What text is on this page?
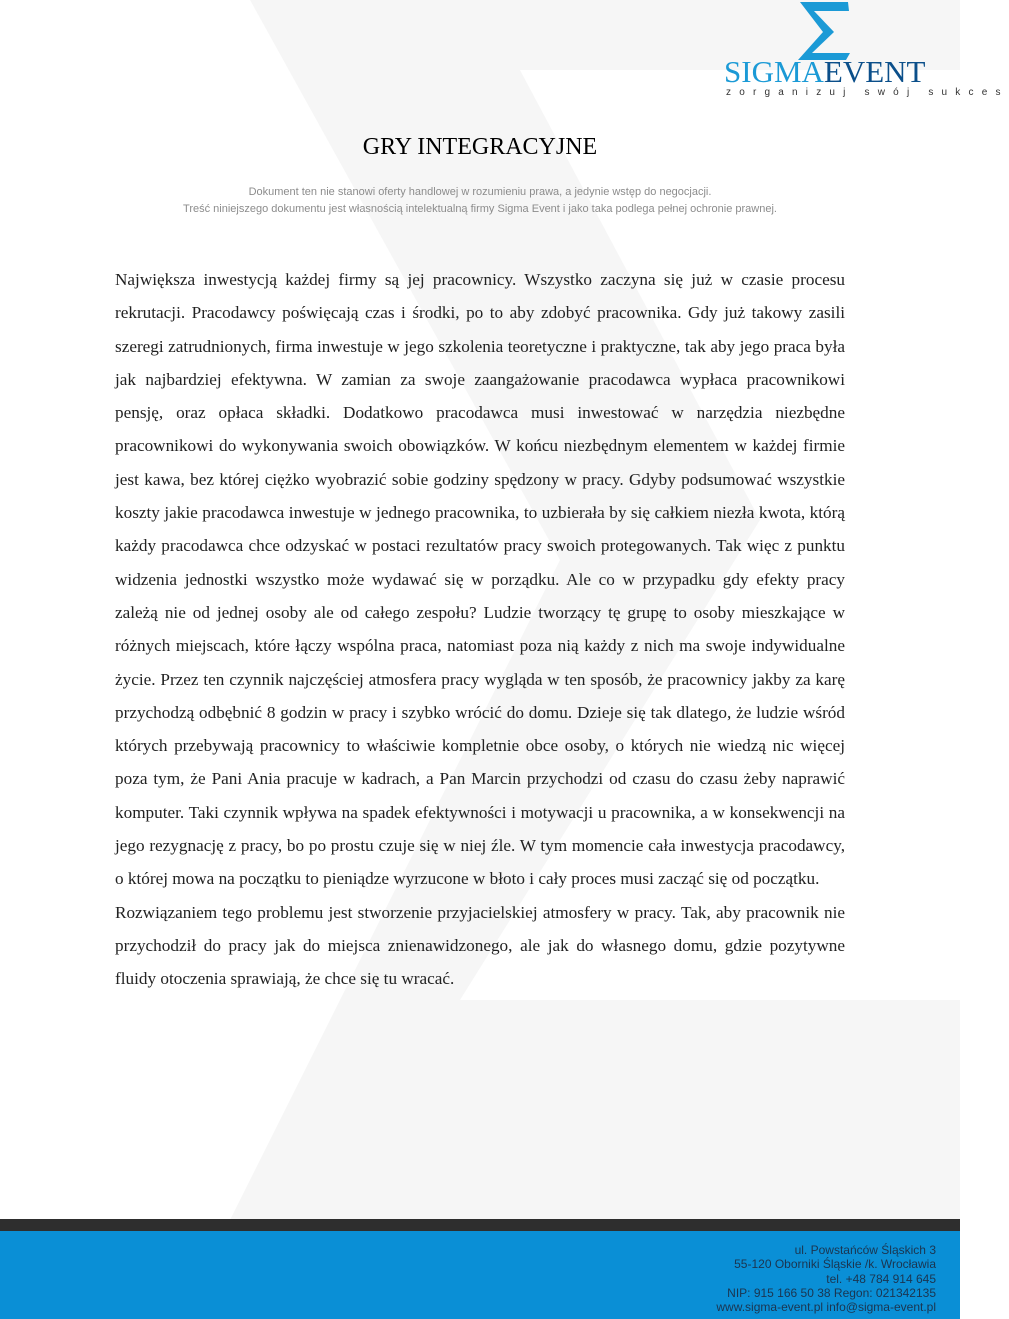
SIGMAEVENT
zorganizuj swój sukces
GRY INTEGRACYJNE
Dokument ten nie stanowi oferty handlowej w rozumieniu prawa, a jedynie wstęp do negocjacji.
Treść niniejszego dokumentu jest własnością intelektualną firmy Sigma Event i jako taka podlega pełnej ochronie prawnej.

Największa inwestycją każdej firmy są jej pracownicy. Wszystko zaczyna się już w czasie procesu rekrutacji. Pracodawcy poświęcają czas i środki, po to aby zdobyć pracownika. Gdy już takowy zasili szeregi zatrudnionych, firma inwestuje w jego szkolenia teoretyczne i praktyczne, tak aby jego praca była jak najbardziej efektywna. W zamian za swoje zaangażowanie pracodawca wypłaca pracownikowi pensję, oraz opłaca składki. Dodatkowo pracodawca musi inwestować w narzędzia niezbędne pracownikowi do wykonywania swoich obowiązków. W końcu niezbędnym elementem w każdej firmie jest kawa, bez której ciężko wyobrazić sobie godziny spędzony w pracy. Gdyby podsumować wszystkie koszty jakie pracodawca inwestuje w jednego pracownika, to uzbierała by się całkiem niezła kwota, którą każdy pracodawca chce odzyskać w postaci rezultatów pracy swoich protegowanych. Tak więc z punktu widzenia jednostki wszystko może wydawać się w porządku. Ale co w przypadku gdy efekty pracy zależą nie od jednej osoby ale od całego zespołu? Ludzie tworzący tę grupę to osoby mieszkające w różnych miejscach, które łączy wspólna praca, natomiast poza nią każdy z nich ma swoje indywidualne życie. Przez ten czynnik najczęściej atmosfera pracy wygląda w ten sposób, że pracownicy jakby za karę przychodzą odbębnić 8 godzin w pracy i szybko wrócić do domu. Dzieje się tak dlatego, że ludzie wśród których przebywają pracownicy to właściwie kompletnie obce osoby, o których nie wiedzą nic więcej poza tym, że Pani Ania pracuje w kadrach, a Pan Marcin przychodzi od czasu do czasu żeby naprawić komputer. Taki czynnik wpływa na spadek efektywności i motywacji u pracownika, a w konsekwencji na jego rezygnację z pracy, bo po prostu czuje się w niej źle. W tym momencie cała inwestycja pracodawcy, o której mowa na początku to pieniądze wyrzucone w błoto i cały proces musi zacząć się od początku.

Rozwiązaniem tego problemu jest stworzenie przyjacielskiej atmosfery w pracy. Tak, aby pracownik nie przychodził do pracy jak do miejsca znienawidzonego, ale jak do własnego domu, gdzie pozytywne fluidy otoczenia sprawiają, że chce się tu wracać.

ul. Powstańców Śląskich 3
55-120 Oborniki Śląskie /k. Wrocławia
tel. +48 784 914 645
NIP: 915 166 50 38 Regon: 021342135
www.sigma-event.pl info@sigma-event.pl
